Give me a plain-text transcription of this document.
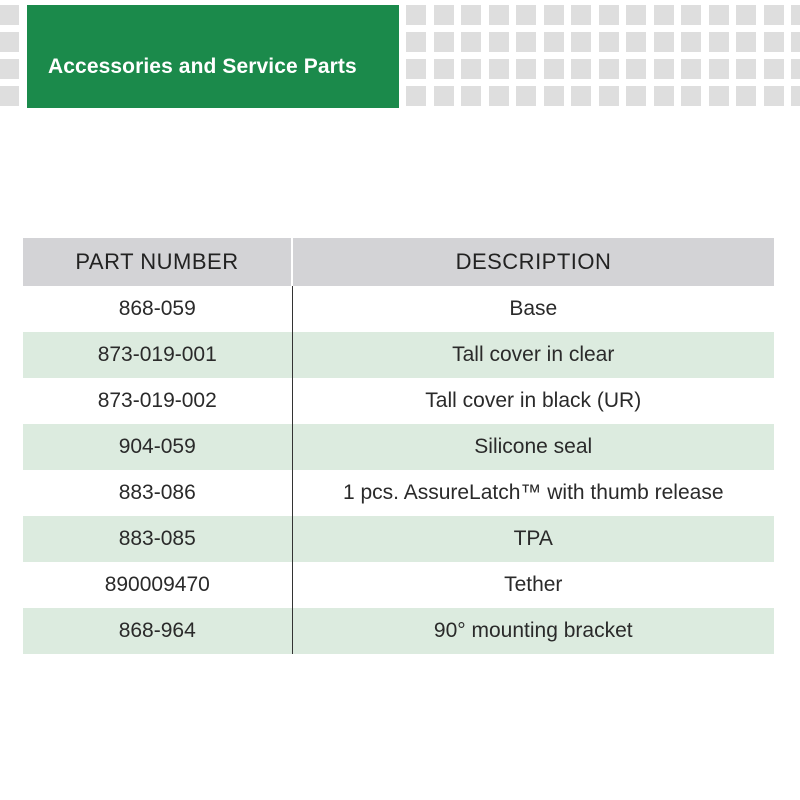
Accessories and Service Parts
PART NUMBER	DESCRIPTION
868-059	Base
873-019-001	Tall cover in clear
873-019-002	Tall cover in black (UR)
904-059	Silicone seal
883-086	1 pcs. AssureLatch™ with thumb release
883-085	TPA
890009470	Tether
868-964	90° mounting bracket
